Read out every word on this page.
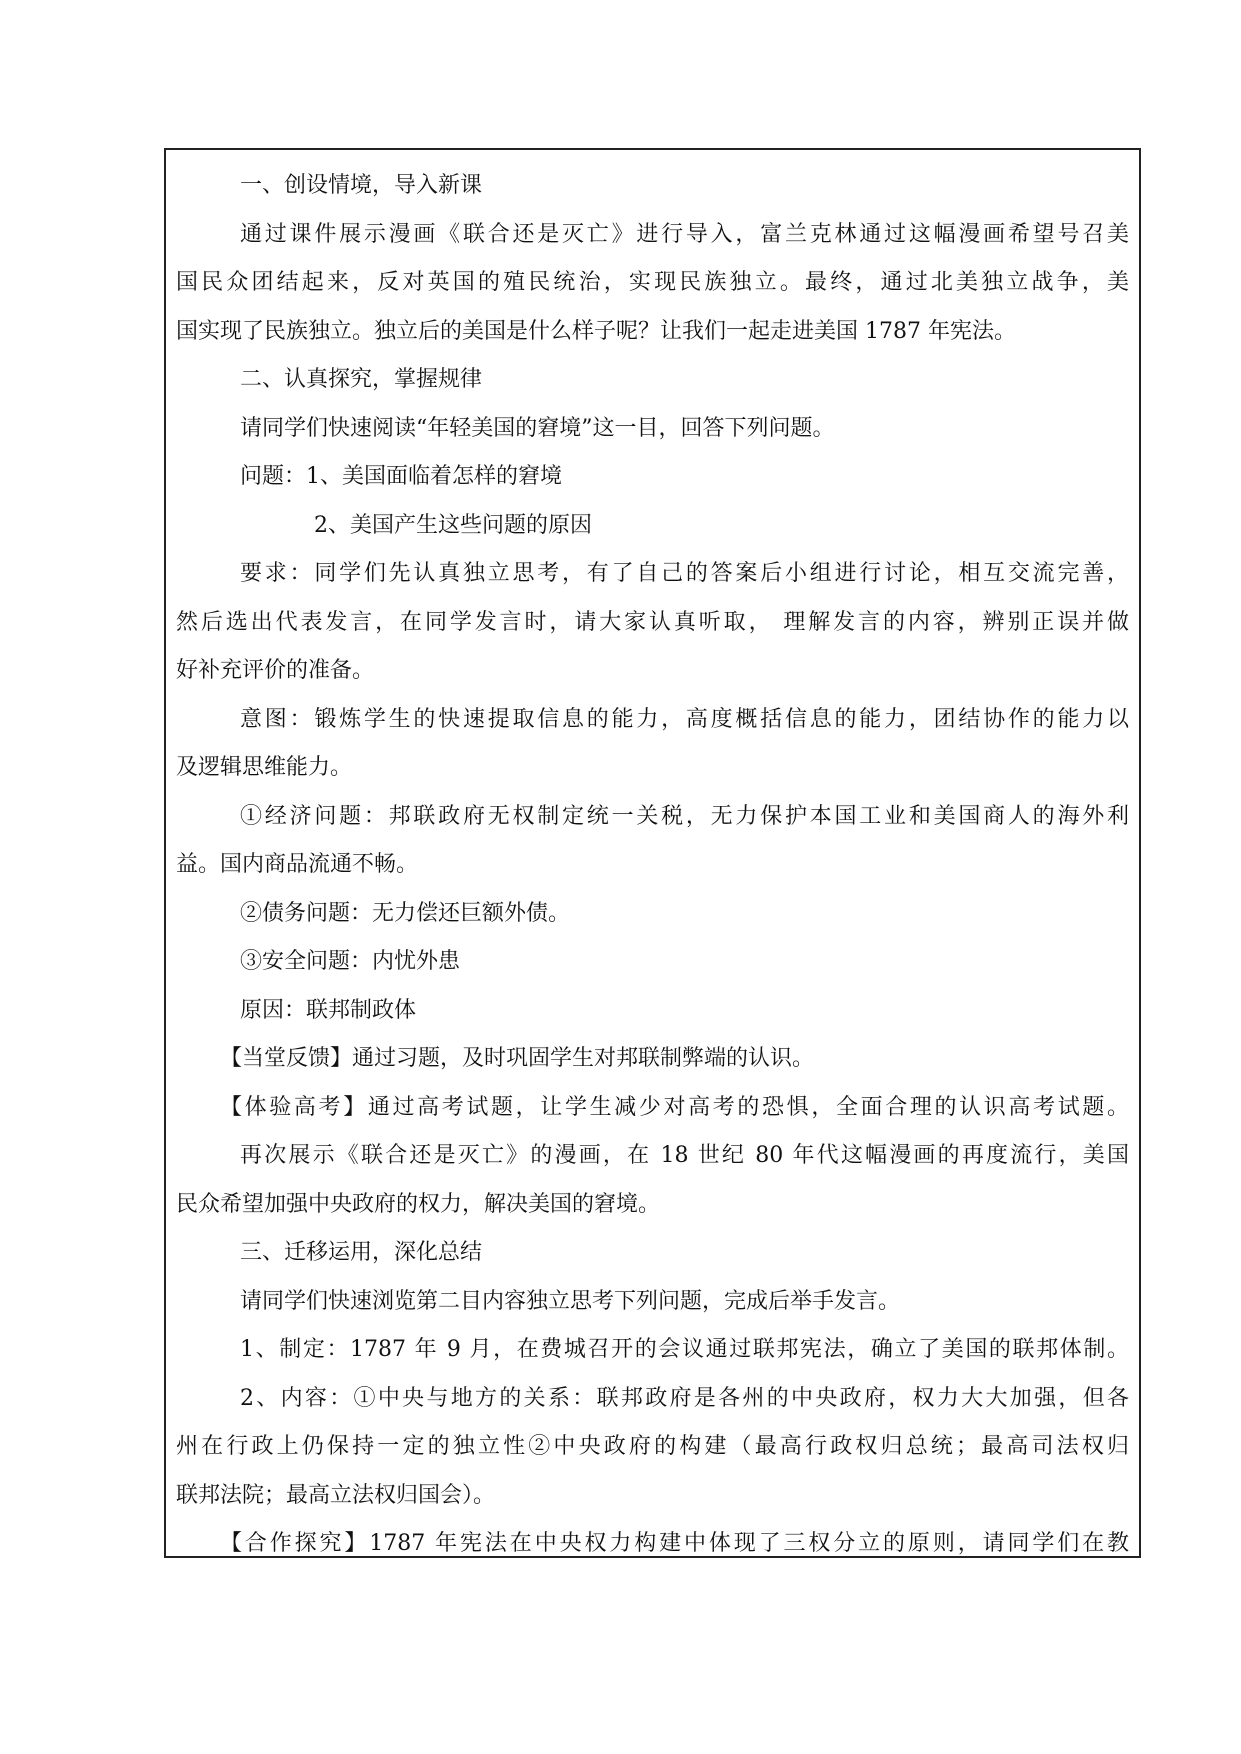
一、创设情境，导入新课
通过课件展示漫画《联合还是灭亡》进行导入，富兰克林通过这幅漫画希望号召美
国民众团结起来，反对英国的殖民统治，实现民族独立。最终，通过北美独立战争，美
国实现了民族独立。独立后的美国是什么样子呢？让我们一起走进美国 1787 年宪法。
二、认真探究，掌握规律
请同学们快速阅读“年轻美国的窘境”这一目，回答下列问题。
问题：1、美国面临着怎样的窘境
2、美国产生这些问题的原因
要求：同学们先认真独立思考，有了自己的答案后小组进行讨论，相互交流完善，
然后选出代表发言，在同学发言时，请大家认真听取， 理解发言的内容，辨别正误并做
好补充评价的准备。
意图：锻炼学生的快速提取信息的能力，高度概括信息的能力，团结协作的能力以
及逻辑思维能力。
①经济问题：邦联政府无权制定统一关税，无力保护本国工业和美国商人的海外利
益。国内商品流通不畅。
②债务问题：无力偿还巨额外债。
③安全问题：内忧外患
原因：联邦制政体
【当堂反馈】通过习题，及时巩固学生对邦联制弊端的认识。
【体验高考】通过高考试题，让学生减少对高考的恐惧，全面合理的认识高考试题。
再次展示《联合还是灭亡》的漫画，在 18 世纪 80 年代这幅漫画的再度流行，美国
民众希望加强中央政府的权力，解决美国的窘境。
三、迁移运用，深化总结
请同学们快速浏览第二目内容独立思考下列问题，完成后举手发言。
1、制定：1787 年 9 月，在费城召开的会议通过联邦宪法，确立了美国的联邦体制。
2、内容：①中央与地方的关系：联邦政府是各州的中央政府，权力大大加强，但各
州在行政上仍保持一定的独立性②中央政府的构建（最高行政权归总统；最高司法权归
联邦法院；最高立法权归国会）。
【合作探究】1787 年宪法在中央权力构建中体现了三权分立的原则，请同学们在教
